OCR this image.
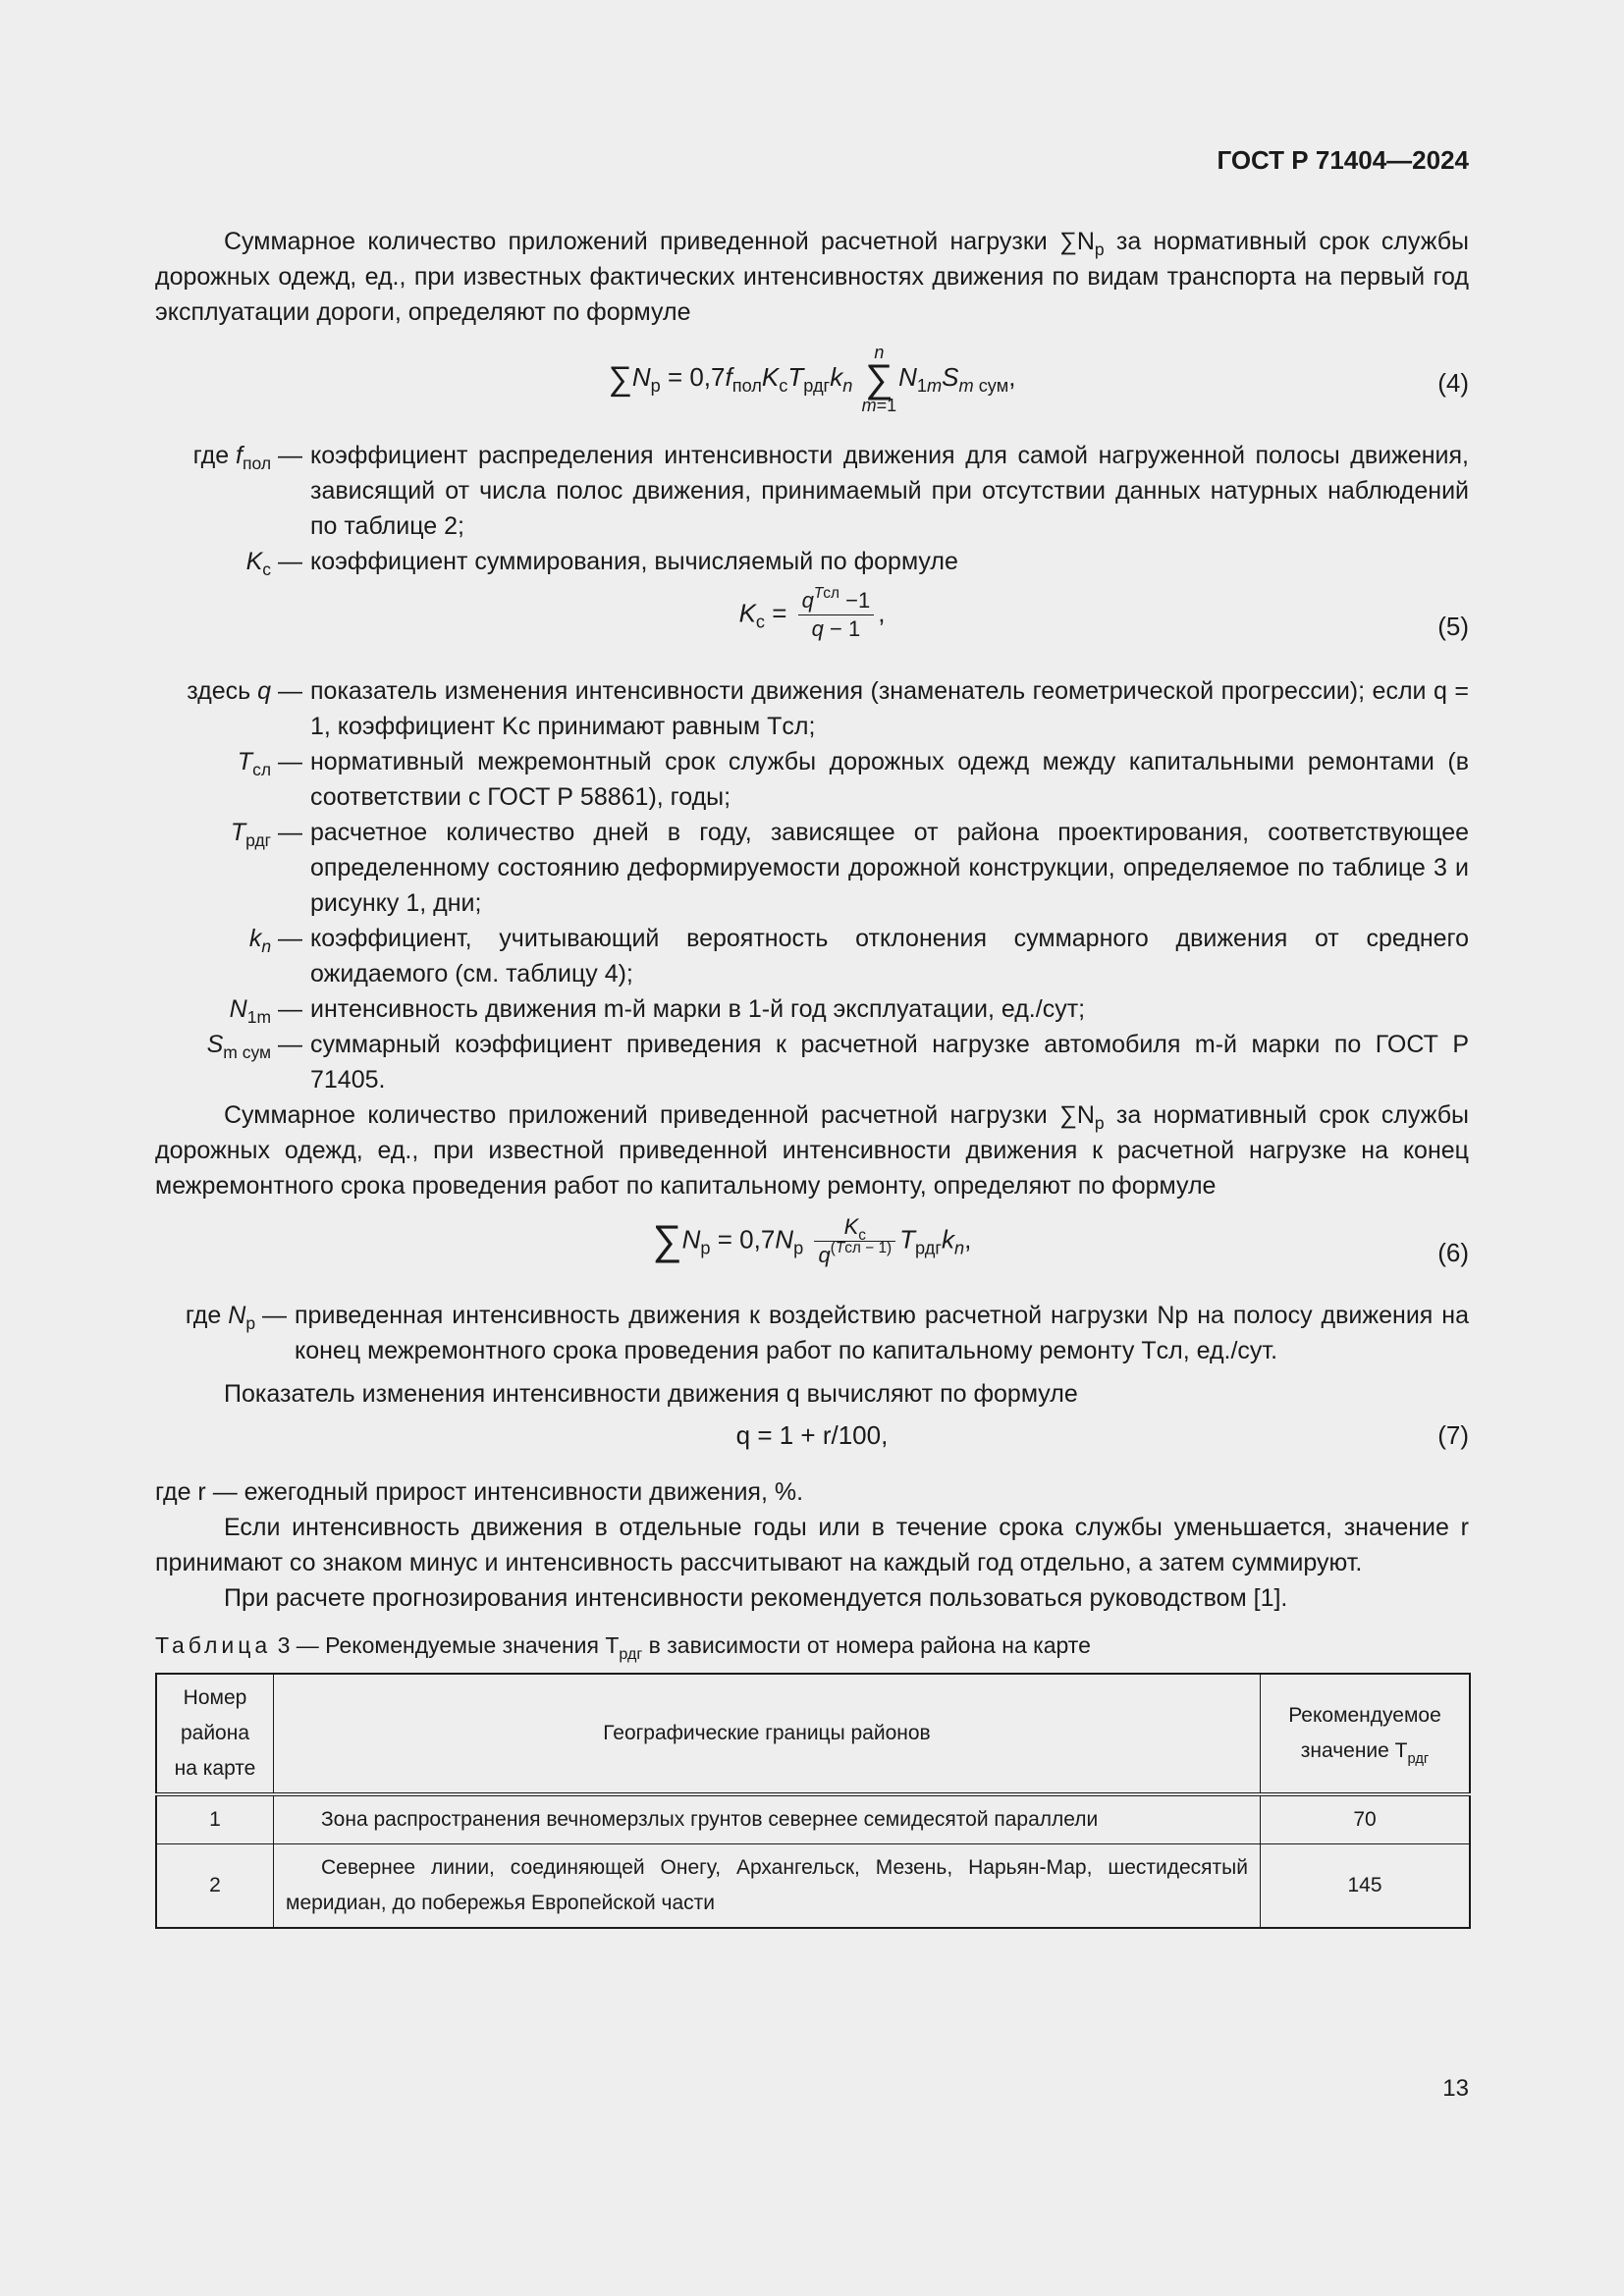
ГОСТ Р 71404—2024

Суммарное количество приложений приведенной расчетной нагрузки $\sum N_р$ за нормативный срок службы дорожных одежд, ед., при известных фактических интенсивностях движения по видам транспорта на первый год эксплуатации дороги, определяют по формуле

$\sum N_р = 0,7f_{пол}K_сT_{рдг}k_n$ n
∑
$m=1N_{1m}S_{m сум}$,	(4)
где $f_{пол}$ — коэффициент распределения интенсивности движения для самой нагруженной полосы движения, зависящий от числа полос движения, принимаемый при отсутствии данных натурных наблюдений по таблице 2;
$K_с$ — коэффициент суммирования, вычисляемый по формуле
$K_с = \frac{q^{Tсл} -1}{q - 1}$ ,	(5)
здесь q — показатель изменения интенсивности движения (знаменатель геометрической прогрессии); если q = 1, коэффициент Kс принимают равным Tсл;
$T_{сл}$ — нормативный межремонтный срок службы дорожных одежд между капитальными ремонтами (в соответствии с ГОСТ Р 58861), годы;
$T_{рдг}$ — расчетное количество дней в году, зависящее от района проектирования, соответствующее определенному состоянию деформируемости дорожной конструкции, определяемое по таблице 3 и рисунку 1, дни;
$k_n$ — коэффициент, учитывающий вероятность отклонения суммарного движения от среднего ожидаемого (см. таблицу 4);
$N_{1m}$ — интенсивность движения m-й марки в 1-й год эксплуатации, ед./сут;
$S_{m сум}$ — суммарный коэффициент приведения к расчетной нагрузке автомобиля m-й марки по ГОСТ Р 71405.

Суммарное количество приложений приведенной расчетной нагрузки $\sum N_р$ за нормативный срок службы дорожных одежд, ед., при известной приведенной интенсивности движения к расчетной нагрузке на конец межремонтного срока проведения работ по капитальному ремонту, определяют по формуле

$\sum N_р = 0,7N_р \frac{K_с}{q^{(Tсл - 1)}} T_{рдг}k_n$,	(6)
где $N_р$ — приведенная интенсивность движения к воздействию расчетной нагрузки Nр на полосу движения на конец межремонтного срока проведения работ по капитальному ремонту Tсл, ед./сут.

Показатель изменения интенсивности движения q вычисляют по формуле

q = 1 + r/100,	(7)

где r — ежегодный прирост интенсивности движения, %.

Если интенсивность движения в отдельные годы или в течение срока службы уменьшается, значение r принимают со знаком минус и интенсивность рассчитывают на каждый год отдельно, а затем суммируют.

При расчете прогнозирования интенсивности рекомендуется пользоваться руководством [1].

Таблица 3 — Рекомендуемые значения $T_{рдг}$ в зависимости от номера района на карте
Номер района на карте	Географические границы районов	Рекомендуемое значение $T_{рдг}$
1	Зона распространения вечномерзлых грунтов севернее семидесятой параллели	70
2	Севернее линии, соединяющей Онегу, Архангельск, Мезень, Нарьян-Мар, шестидесятый меридиан, до побережья Европейской части	145
13
